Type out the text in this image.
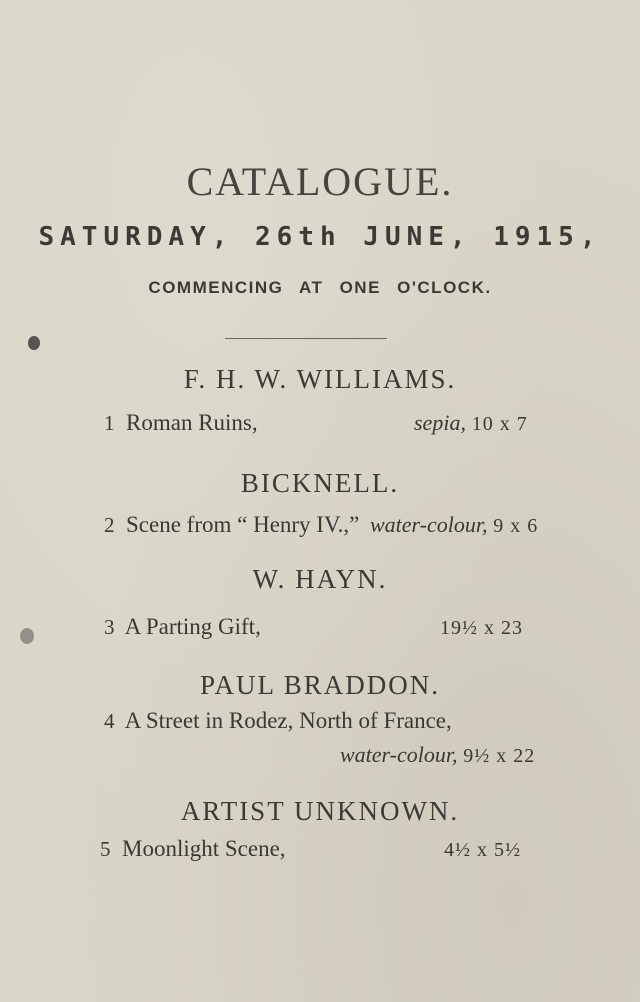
CATALOGUE.
SATURDAY, 26th JUNE, 1915,
COMMENCING AT ONE O'CLOCK.
F. H. W. WILLIAMS.
1 Roman Ruins,	sepia, 10 x 7
BICKNELL.
2 Scene from “ Henry IV.,” water-colour, 9 x 6
W. HAYN.
3 A Parting Gift,	19½ x 23
PAUL BRADDON.
4 A Street in Rodez, North of France,
water-colour, 9½ x 22
ARTIST UNKNOWN.
5 Moonlight Scene,	4½ x 5½
